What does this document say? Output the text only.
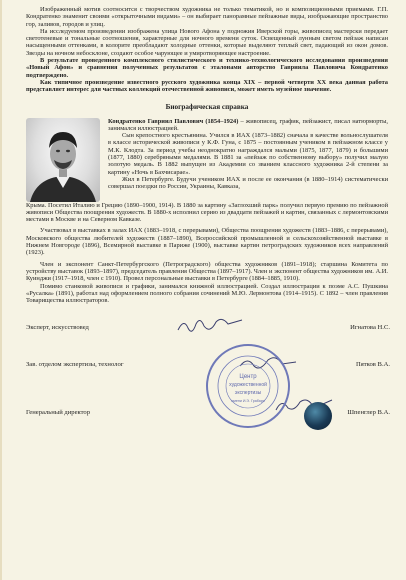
Изображенный мотив соотносится с творчеством художника не только тематикой, но и композиционными приемами. Г.П. Кондратенко знаменит своими «открыточными видами» – он выбирает панорамные пейзажные виды, изображающие пространство гор, заливов, городов и улиц.

На исследуемом произведении изображена улица Нового Афона у подножия Иверской горы, живописец мастерски передает светотеневые и тональные соотношения, характерные для ночного времени суток. Освещенный лунным светом пейзаж написан насыщенными оттенками, в колорите преобладают холодные оттенки, которые выделяют теплый свет, падающий из окон домов. Звезды на ночном небосклоне, создают особое чарующее и умиротворяющее настроение.

В результате проведенного комплексного стилистического и технико-технологического исследования произведения «Новый Афон» и сравнения полученных результатов с эталонами авторство Гавриила Павловича Кондратенко подтверждено.

Как типичное произведение известного русского художника конца XIX – первой четверти XX века данная работа представляет интерес для частных коллекций отечественной живописи, может иметь музейное значение.

Биографическая справка

Кондратенко Гавриил Павлович (1854–1924) – живописец, график, пейзажист, писал натюрморты, занимался иллюстрацией.

Сын крепостного крестьянина. Учился в ИАХ (1873–1882) сначала в качестве вольнослушателя в классе исторической живописи у К.Ф. Гуна, с 1875 – постоянным учеником в пейзажном классе у М.К. Клодта. За период учебы неоднократно награждался малыми (1875, 1877, 1879) и большими (1877, 1880) серебряными медалями. В 1881 за «пейзаж по собственному выбору» получил малую золотую медаль. В 1882 выпущен из Академии со званием классного художника 2-й степени за картину «Ночь в Бахчисарае».

Жил в Петербурге. Будучи учеником ИАХ и после ее окончания (в 1880–1914) систематически совершал поездки по России, Украины, Кавказа,

Крыма. Посетил Италию и Грецию (1890–1900, 1914). В 1880 за картину «Заглохший парк» получил первую премию по пейзажной живописи Общества поощрения художеств. В 1880-х исполнил серию из двадцати пейзажей и картин, связанных с лермонтовскими местами в Москве и на Северном Кавказе.

Участвовал в выставках в залах ИАХ (1883–1918, с перерывами), Общества поощрения художеств (1883–1886, с перерывами), Московского общества любителей художеств (1887–1890), Всероссийской промышленной и сельскохозяйственной выставке в Нижнем Новгороде (1896), Всемирной выставке в Париже (1900), выставке картин петроградских художников всех направлений (1923).

Член и экспонент Санкт-Петербургского (Петроградского) общества художников (1891–1918); старшина Комитета по устройству выставок (1893–1897), председатель правления Общества (1897–1917). Член и экспонент общества художников им. А.И. Куинджи (1917–1918, член с 1910). Провел персональные выставки в Петербурге (1884–1885, 1910).

Помимо станковой живописи и графики, занимался книжной иллюстрацией. Создал иллюстрации к поэме А.С. Пушкина «Русалка» (1891), работал над оформлением полного собрания сочинений М.Ю. Лермонтова (1914–1915). С 1892 – член правления Товарищества иллюстраторов.

Эксперт, искусствовед	Игнатова Н.С.
Зав. отделом экспертизы, технолог	Пятков В.А.
Генеральный директор	Шпенглер В.А.
Центр
художественной
экспертизы
имени И.Э. Грабаря
